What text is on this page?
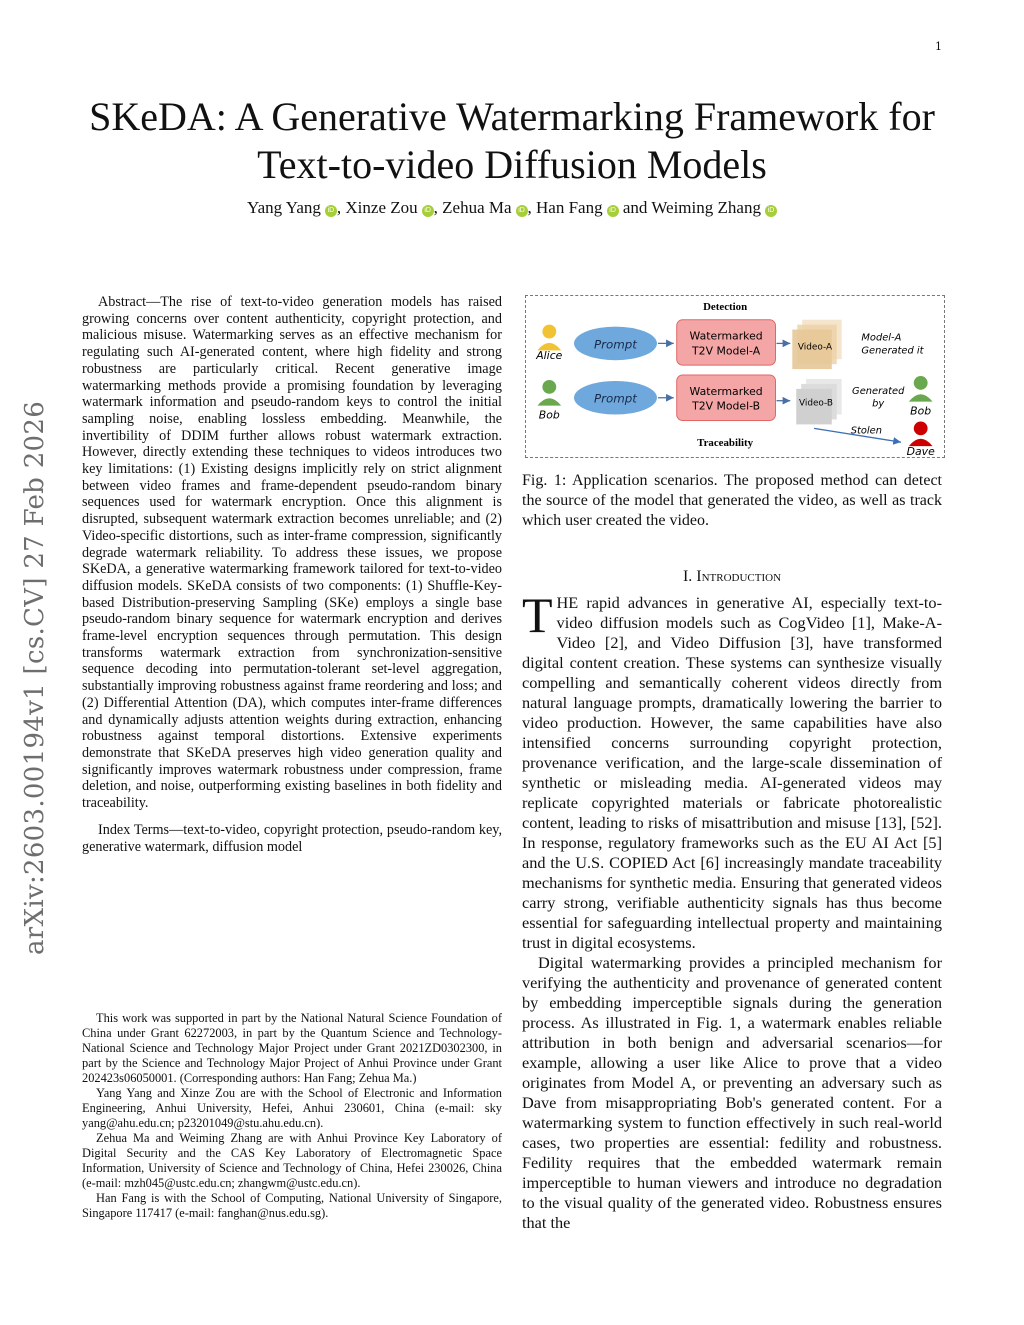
1
arXiv:2603.00194v1 [cs.CV] 27 Feb 2026
SKeDA: A Generative Watermarking Framework for
Text-to-video Diffusion Models
Yang Yang iD , Xinze Zou iD , Zehua Ma iD , Han Fang iD and Weiming Zhang iD

Abstract—The rise of text-to-video generation models has raised growing concerns over content authenticity, copyright protection, and malicious misuse. Watermarking serves as an effective mechanism for regulating such AI-generated content, where high fidelity and strong robustness are particularly critical. Recent generative image watermarking methods provide a promising foundation by leveraging watermark information and pseudo-random keys to control the initial sampling noise, enabling lossless embedding. Meanwhile, the invertibility of DDIM further allows robust watermark extraction. However, directly extending these techniques to videos introduces two key limitations: (1) Existing designs implicitly rely on strict alignment between video frames and frame-dependent pseudo-random binary sequences used for watermark encryption. Once this alignment is disrupted, subsequent watermark extraction becomes unreliable; and (2) Video-specific distortions, such as inter-frame compression, significantly degrade watermark reliability. To address these issues, we propose SKeDA, a generative watermarking framework tailored for text-to-video diffusion models. SKeDA consists of two components: (1) Shuffle-Key-based Distribution-preserving Sampling (SKe) employs a single base pseudo-random binary sequence for watermark encryption and derives frame-level encryption sequences through permutation. This design transforms watermark extraction from synchronization-sensitive sequence decoding into permutation-tolerant set-level aggregation, substantially improving robustness against frame reordering and loss; and (2) Differential Attention (DA), which computes inter-frame differences and dynamically adjusts attention weights during extraction, enhancing robustness against temporal distortions. Extensive experiments demonstrate that SKeDA preserves high video generation quality and significantly improves watermark robustness under compression, frame deletion, and noise, outperforming existing baselines in both fidelity and traceability.

Index Terms—text-to-video, copyright protection, pseudo-random key, generative watermark, diffusion model

This work was supported in part by the National Natural Science Foundation of China under Grant 62272003, in part by the Quantum Science and Technology-National Science and Technology Major Project under Grant 2021ZD0302300, in part by the Science and Technology Major Project of Anhui Province under Grant 202423s06050001. (Corresponding authors: Han Fang; Zehua Ma.)

Yang Yang and Xinze Zou are with the School of Electronic and Information Engineering, Anhui University, Hefei, Anhui 230601, China (e-mail: sky yang@ahu.edu.cn; p23201049@stu.ahu.edu.cn).

Zehua Ma and Weiming Zhang are with Anhui Province Key Laboratory of Digital Security and the CAS Key Laboratory of Electromagnetic Space Information, University of Science and Technology of China, Hefei 230026, China (e-mail: mzh045@ustc.edu.cn; zhangwm@ustc.edu.cn).

Han Fang is with the School of Computing, National University of Singapore, Singapore 117417 (e-mail: fanghan@nus.edu.sg).

Detection
Alice
Prompt
Watermarked
T2V Model-A	Video-A
Model-A
Generated it
Bob
Prompt
Watermarked
T2V Model-B	Video-B
Generated
by
Bob
Stolen
Dave
Traceability
Fig. 1: Application scenarios. The proposed method can detect the source of the model that generated the video, as well as track which user created the video.
I. Introduction

THE rapid advances in generative AI, especially text-to-video diffusion models such as CogVideo [1], Make-A-Video [2], and Video Diffusion [3], have transformed digital content creation. These systems can synthesize visually compelling and semantically coherent videos directly from natural language prompts, dramatically lowering the barrier to video production. However, the same capabilities have also intensified concerns surrounding copyright protection, provenance verification, and the large-scale dissemination of synthetic or misleading media. AI-generated videos may replicate copyrighted materials or fabricate photorealistic content, leading to risks of misattribution and misuse [13], [52]. In response, regulatory frameworks such as the EU AI Act [5] and the U.S. COPIED Act [6] increasingly mandate traceability mechanisms for synthetic media. Ensuring that generated videos carry strong, verifiable authenticity signals has thus become essential for safeguarding intellectual property and maintaining trust in digital ecosystems.

Digital watermarking provides a principled mechanism for verifying the authenticity and provenance of generated content by embedding imperceptible signals during the generation process. As illustrated in Fig. 1, a watermark enables reliable attribution in both benign and adversarial scenarios—for example, allowing a user like Alice to prove that a video originates from Model A, or preventing an adversary such as Dave from misappropriating Bob's generated content. For a watermarking system to function effectively in such real-world cases, two properties are essential: fedility and robustness. Fedility requires that the embedded watermark remain imperceptible to human viewers and introduce no degradation to the visual quality of the generated video. Robustness ensures that the
